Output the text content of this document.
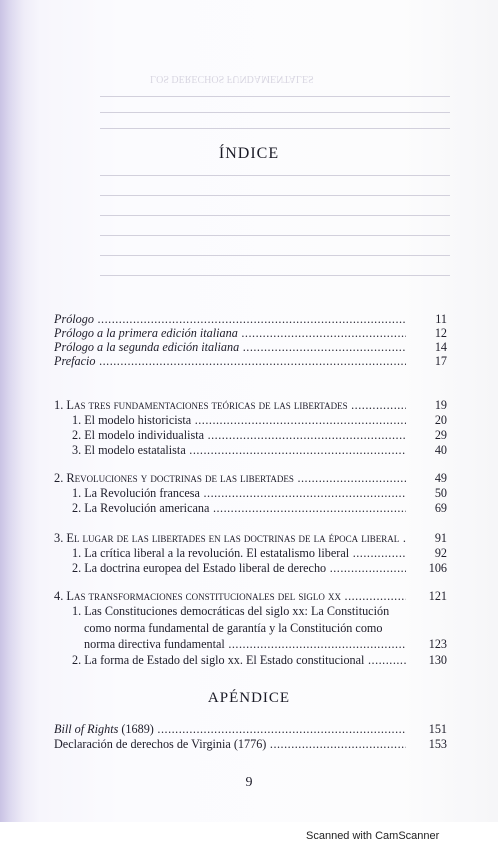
LOS DERECHOS FUNDAMENTALES
ÍNDICE
Prólogo .....	11
Prólogo a la primera edición italiana .....	12
Prólogo a la segunda edición italiana .....	14
Prefacio .....	17
1. Las tres fundamentaciones teóricas de las libertades .....	19
1. El modelo historicista .....	20
2. El modelo individualista .....	29
3. El modelo estatalista .....	40
2. Revoluciones y doctrinas de las libertades .....	49
1. La Revolución francesa .....	50
2. La Revolución americana .....	69
3. El lugar de las libertades en las doctrinas de la época liberal .....	91
1. La crítica liberal a la revolución. El estatalismo liberal .....	92
2. La doctrina europea del Estado liberal de derecho .....	106
4. Las transformaciones constitucionales del siglo xx .....	121
1. Las Constituciones democráticas del siglo xx: La Constitución
como norma fundamental de garantía y la Constitución como
norma directiva fundamental .....	123
2. La forma de Estado del siglo xx. El Estado constitucional .....	130
APÉNDICE
Bill of Rights (1689) .....	151
Declaración de derechos de Virginia (1776) .....	153
9
Scanned with CamScanner
